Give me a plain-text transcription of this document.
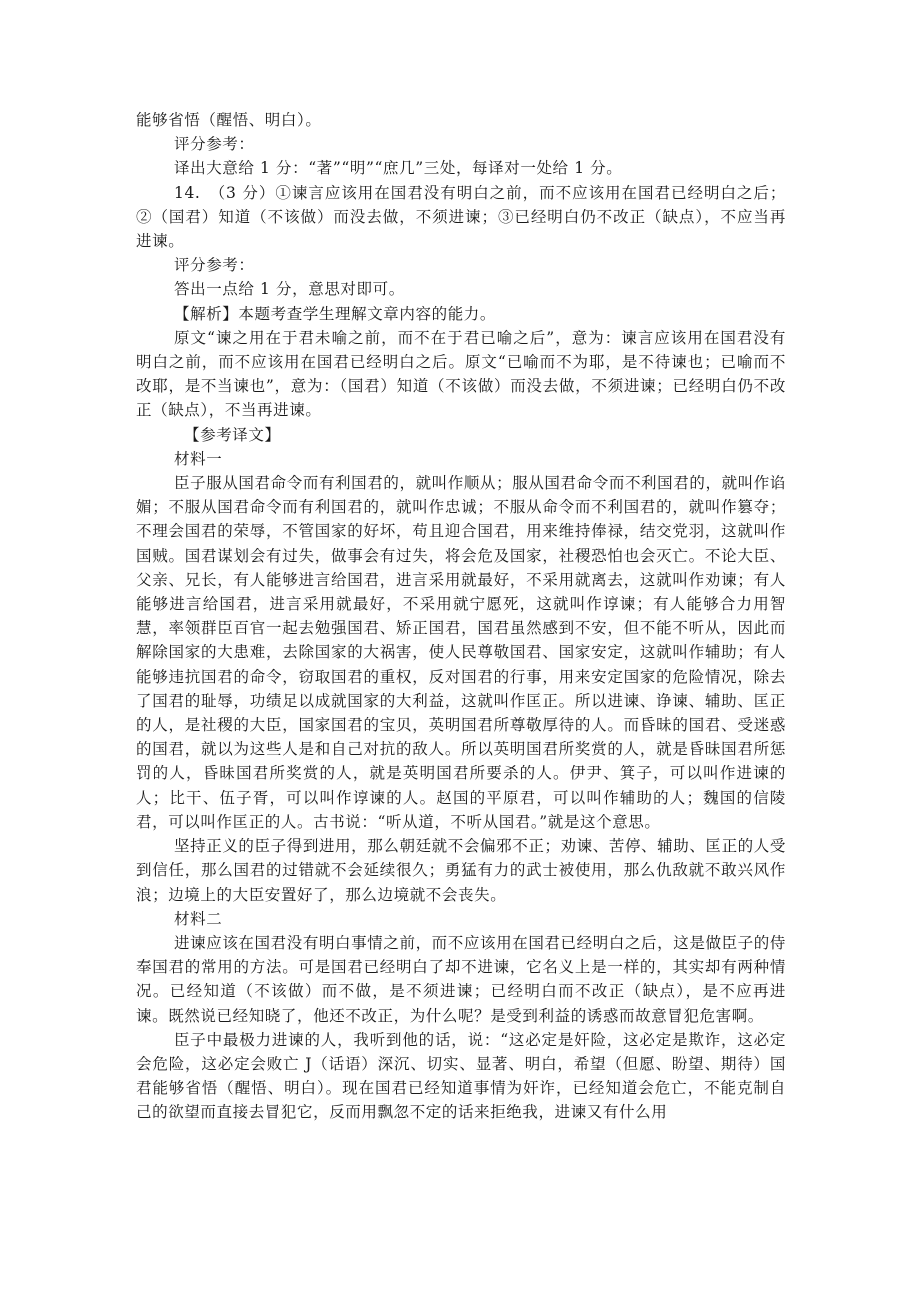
能够省悟（醒悟、明白）。

评分参考：

译出大意给 1 分：“著”“明”“庶几”三处，每译对一处给 1 分。

14.　（3 分）①谏言应该用在国君没有明白之前，而不应该用在国君已经明白之后；②（国君）知道（不该做）而没去做，不须进谏；③已经明白仍不改正（缺点），不应当再进谏。

评分参考：

答出一点给 1 分，意思对即可。

【解析】本题考查学生理解文章内容的能力。

原文“谏之用在于君未喻之前，而不在于君已喻之后”，意为：谏言应该用在国君没有明白之前，而不应该用在国君已经明白之后。原文“已喻而不为耶，是不待谏也；已喻而不改耶，是不当谏也”，意为：（国君）知道（不该做）而没去做，不须进谏；已经明白仍不改正（缺点），不当再进谏。

【参考译文】

材料一

臣子服从国君命令而有利国君的，就叫作顺从；服从国君命令而不利国君的，就叫作谄媚；不服从国君命令而有利国君的，就叫作忠诚；不服从命令而不利国君的，就叫作篡夺；不理会国君的荣辱，不管国家的好坏，苟且迎合国君，用来维持俸禄，结交党羽，这就叫作国贼。国君谋划会有过失，做事会有过失，将会危及国家，社稷恐怕也会灭亡。不论大臣、父亲、兄长，有人能够进言给国君，进言采用就最好，不采用就离去，这就叫作劝谏；有人能够进言给国君，进言采用就最好，不采用就宁愿死，这就叫作谆谏；有人能够合力用智慧，率领群臣百官一起去勉强国君、矫正国君，国君虽然感到不安，但不能不听从，因此而解除国家的大患难，去除国家的大祸害，使人民尊敬国君、国家安定，这就叫作辅助；有人能够违抗国君的命令，窃取国君的重权，反对国君的行事，用来安定国家的危险情况，除去了国君的耻辱，功绩足以成就国家的大利益，这就叫作匡正。所以进谏、诤谏、辅助、匡正的人，是社稷的大臣，国家国君的宝贝，英明国君所尊敬厚待的人。而昏昧的国君、受迷惑的国君，就以为这些人是和自己对抗的敌人。所以英明国君所奖赏的人，就是昏昧国君所惩罚的人，昏昧国君所奖赏的人，就是英明国君所要杀的人。伊尹、箕子，可以叫作进谏的人；比干、伍子胥，可以叫作谆谏的人。赵国的平原君，可以叫作辅助的人；魏国的信陵君，可以叫作匡正的人。古书说：“听从道，不听从国君。”就是这个意思。

坚持正义的臣子得到进用，那么朝廷就不会偏邪不正；劝谏、苦停、辅助、匡正的人受到信任，那么国君的过错就不会延续很久；勇猛有力的武士被使用，那么仇敌就不敢兴风作浪；边境上的大臣安置好了，那么边境就不会丧失。

材料二

进谏应该在国君没有明白事情之前，而不应该用在国君已经明白之后，这是做臣子的侍奉国君的常用的方法。可是国君已经明白了却不进谏，它名义上是一样的，其实却有两种情况。已经知道（不该做）而不做，是不须进谏；已经明白而不改正（缺点），是不应再进谏。既然说已经知晓了，他还不改正，为什么呢？是受到利益的诱惑而故意冒犯危害啊。

臣子中最极力进谏的人，我听到他的话，说：“这必定是奸险，这必定是欺诈，这必定会危险，这必定会败亡 J（话语）深沉、切实、显著、明白，希望（但愿、盼望、期待）国君能够省悟（醒悟、明白）。现在国君已经知道事情为奸诈，已经知道会危亡，不能克制自己的欲望而直接去冒犯它，反而用飘忽不定的话来拒绝我，进谏又有什么用
